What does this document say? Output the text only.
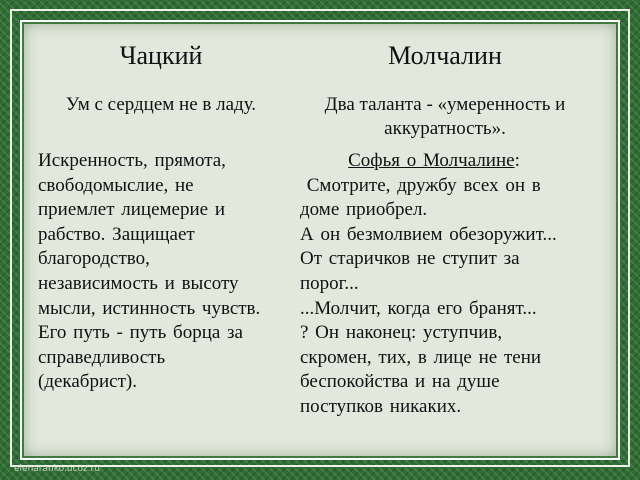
Чацкий	Молчалин
Ум с сердцем не в ладу.	Два таланта - «умеренность и
аккуратность».
Искренность, прямота,
свободомыслие, не
приемлет лицемерие и
рабство. Защищает
благородство,
независимость и высоту
мысли, истинность чувств.
Его путь - путь борца за
справедливость
(декабрист).
Софья о Молчалине:
Смотрите, дружбу всех он в
доме приобрел.
А он безмолвием обезоружит...
От старичков не ступит за
порог...
...Молчит, когда его бранят...
? Он наконец: уступчив,
скромен, тих, в лице не тени
беспокойства и на душе
поступков никаких.
elenaranko.ucoz.ru
